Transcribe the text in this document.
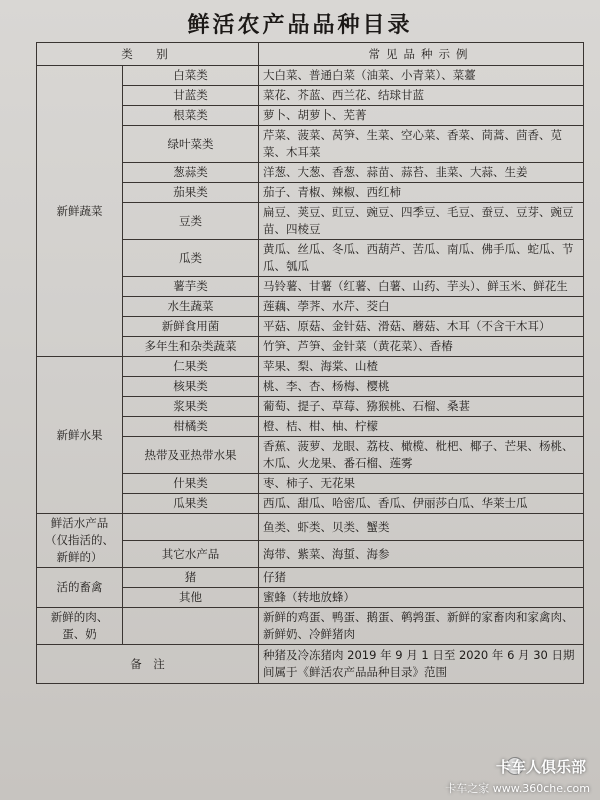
鲜活农产品品种目录
类　别		常见品种示例
新鲜蔬菜	白菜类	大白菜、普通白菜（油菜、小青菜）、菜薹
	甘蓝类	菜花、芥蓝、西兰花、结球甘蓝
	根菜类	萝卜、胡萝卜、芜菁
	绿叶菜类	芹菜、菠菜、莴笋、生菜、空心菜、香菜、茼蒿、茴香、苋菜、木耳菜
	葱蒜类	洋葱、大葱、香葱、蒜苗、蒜苔、韭菜、大蒜、生姜
	茄果类	茄子、青椒、辣椒、西红柿
	豆类	扁豆、荚豆、豇豆、豌豆、四季豆、毛豆、蚕豆、豆芽、豌豆苗、四棱豆
	瓜类	黄瓜、丝瓜、冬瓜、西葫芦、苦瓜、南瓜、佛手瓜、蛇瓜、节瓜、瓠瓜
	薯芋类	马铃薯、甘薯（红薯、白薯、山药、芋头）、鲜玉米、鲜花生
	水生蔬菜	莲藕、荸荠、水芹、茭白
	新鲜食用菌	平菇、原菇、金针菇、滑菇、蘑菇、木耳（不含干木耳）
	多年生和杂类蔬菜	竹笋、芦笋、金针菜（黄花菜）、香椿
新鲜水果	仁果类	苹果、梨、海棠、山楂
	核果类	桃、李、杏、杨梅、樱桃
	浆果类	葡萄、提子、草莓、猕猴桃、石榴、桑葚
	柑橘类	橙、桔、柑、柚、柠檬
	热带及亚热带水果	香蕉、菠萝、龙眼、荔枝、橄榄、枇杷、椰子、芒果、杨桃、木瓜、火龙果、番石榴、莲雾
	什果类	枣、柿子、无花果
	瓜果类	西瓜、甜瓜、哈密瓜、香瓜、伊丽莎白瓜、华莱士瓜
鲜活水产品（仅指活的、新鲜的）		鱼类、虾类、贝类、蟹类
	其它水产品	海带、紫菜、海蜇、海参
活的畜禽	猪	仔猪
	其他	蜜蜂（转地放蜂）
新鲜的肉、蛋、奶		新鲜的鸡蛋、鸭蛋、鹅蛋、鹌鹑蛋、新鲜的家畜肉和家禽肉、新鲜奶、冷鲜猪肉
备　注		种猪及冷冻猪肉 2019 年 9 月 1 日至 2020 年 6 月 30 日期间属于《鲜活农产品品种目录》范围
卡车人俱乐部
卡车之家 www.360che.com
